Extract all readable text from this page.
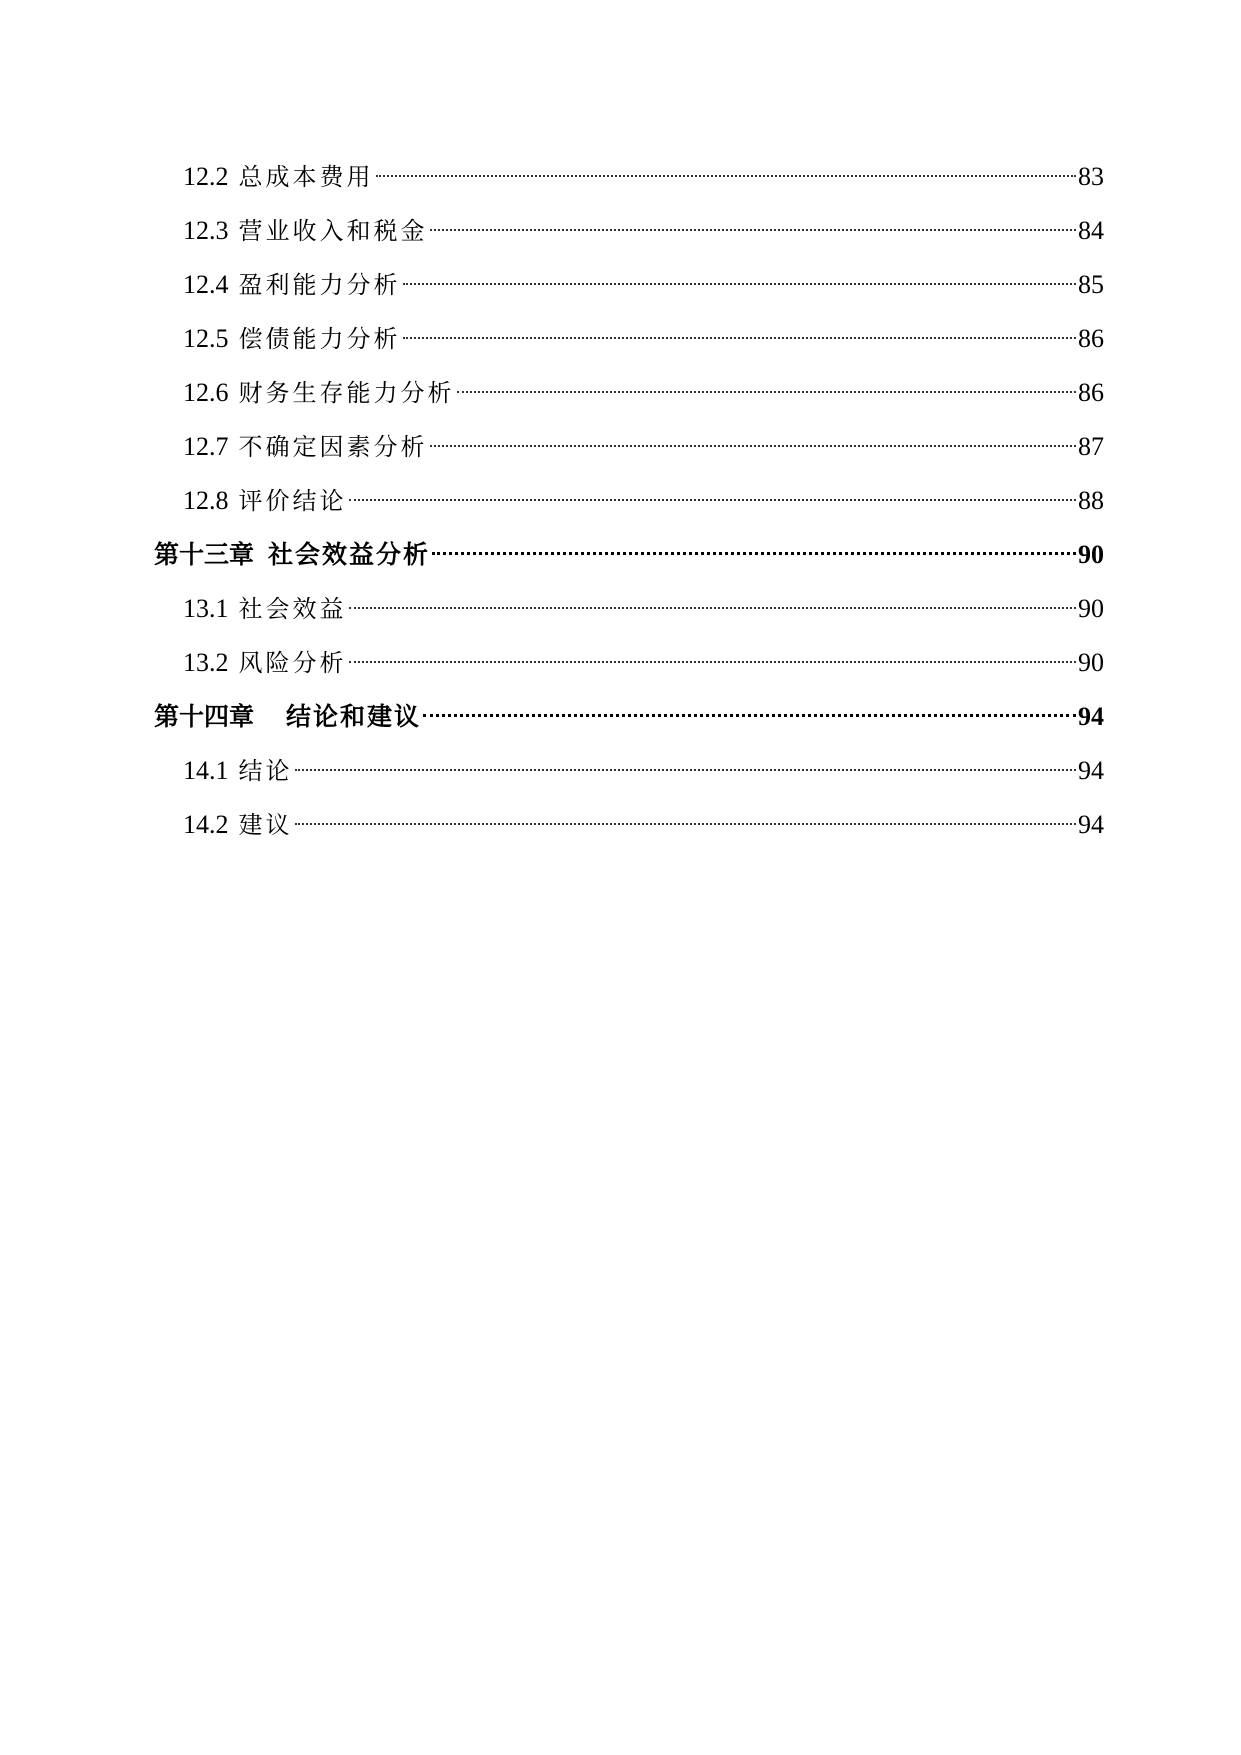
12.2 总成本费用	83
12.3 营业收入和税金	84
12.4 盈利能力分析	85
12.5 偿债能力分析	86
12.6 财务生存能力分析	86
12.7 不确定因素分析	87
12.8 评价结论	88
第十三章 社会效益分析	90
13.1 社会效益	90
13.2 风险分析	90
第十四章 结论和建议	94
14.1 结论	94
14.2 建议	94
